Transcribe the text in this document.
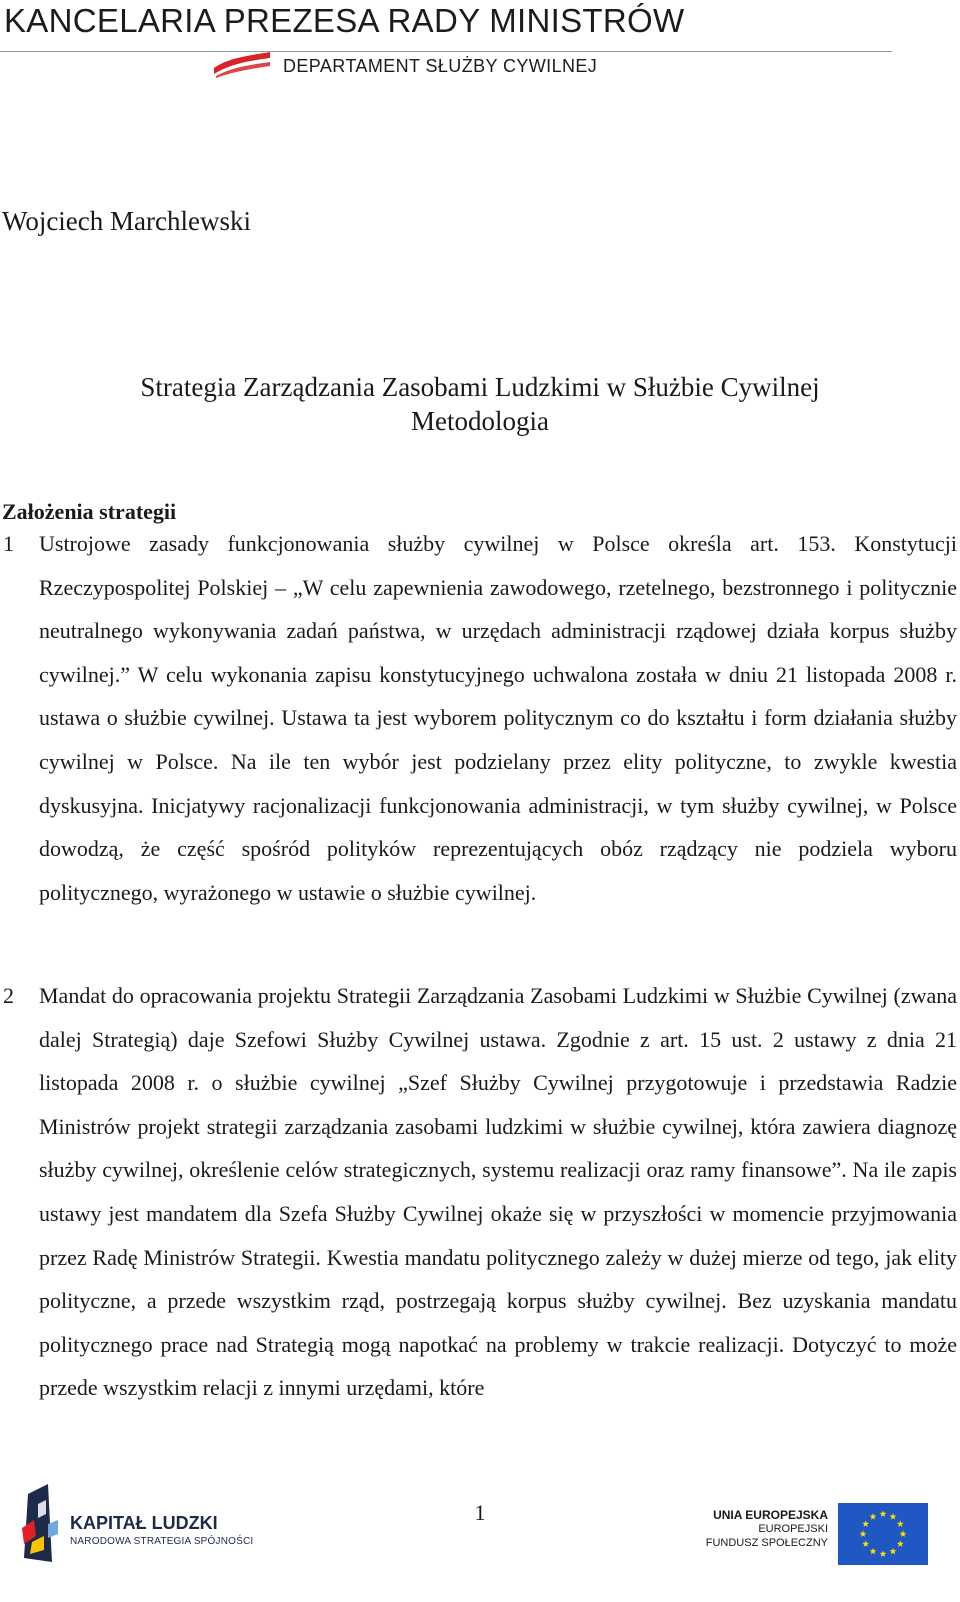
KANCELARIA PREZESA RADY MINISTRÓW
DEPARTAMENT SŁUŻBY CYWILNEJ
Wojciech Marchlewski
Strategia Zarządzania Zasobami Ludzkimi w Służbie Cywilnej
Metodologia
Założenia strategii
1 Ustrojowe zasady funkcjonowania służby cywilnej w Polsce określa art. 153. Konstytucji Rzeczypospolitej Polskiej – „W celu zapewnienia zawodowego, rzetelnego, bezstronnego i politycznie neutralnego wykonywania zadań państwa, w urzędach administracji rządowej działa korpus służby cywilnej.” W celu wykonania zapisu konstytucyjnego uchwalona została w dniu 21 listopada 2008 r. ustawa o służbie cywilnej. Ustawa ta jest wyborem politycznym co do kształtu i form działania służby cywilnej w Polsce. Na ile ten wybór jest podzielany przez elity polityczne, to zwykle kwestia dyskusyjna. Inicjatywy racjonalizacji funkcjonowania administracji, w tym służby cywilnej, w Polsce dowodzą, że część spośród polityków reprezentujących obóz rządzący nie podziela wyboru politycznego, wyrażonego w ustawie o służbie cywilnej.
2 Mandat do opracowania projektu Strategii Zarządzania Zasobami Ludzkimi w Służbie Cywilnej (zwana dalej Strategią) daje Szefowi Służby Cywilnej ustawa. Zgodnie z art. 15 ust. 2 ustawy z dnia 21 listopada 2008 r. o służbie cywilnej „Szef Służby Cywilnej przygotowuje i przedstawia Radzie Ministrów projekt strategii zarządzania zasobami ludzkimi w służbie cywilnej, która zawiera diagnozę służby cywilnej, określenie celów strategicznych, systemu realizacji oraz ramy finansowe”. Na ile zapis ustawy jest mandatem dla Szefa Służby Cywilnej okaże się w przyszłości w momencie przyjmowania przez Radę Ministrów Strategii. Kwestia mandatu politycznego zależy w dużej mierze od tego, jak elity polityczne, a przede wszystkim rząd, postrzegają korpus służby cywilnej. Bez uzyskania mandatu politycznego prace nad Strategią mogą napotkać na problemy w trakcie realizacji. Dotyczyć to może przede wszystkim relacji z innymi urzędami, które
KAPITAŁ LUDZKI
NARODOWA STRATEGIA SPÓJNOŚCI
1	UNIA EUROPEJSKA
EUROPEJSKI
FUNDUSZ SPOŁECZNY
